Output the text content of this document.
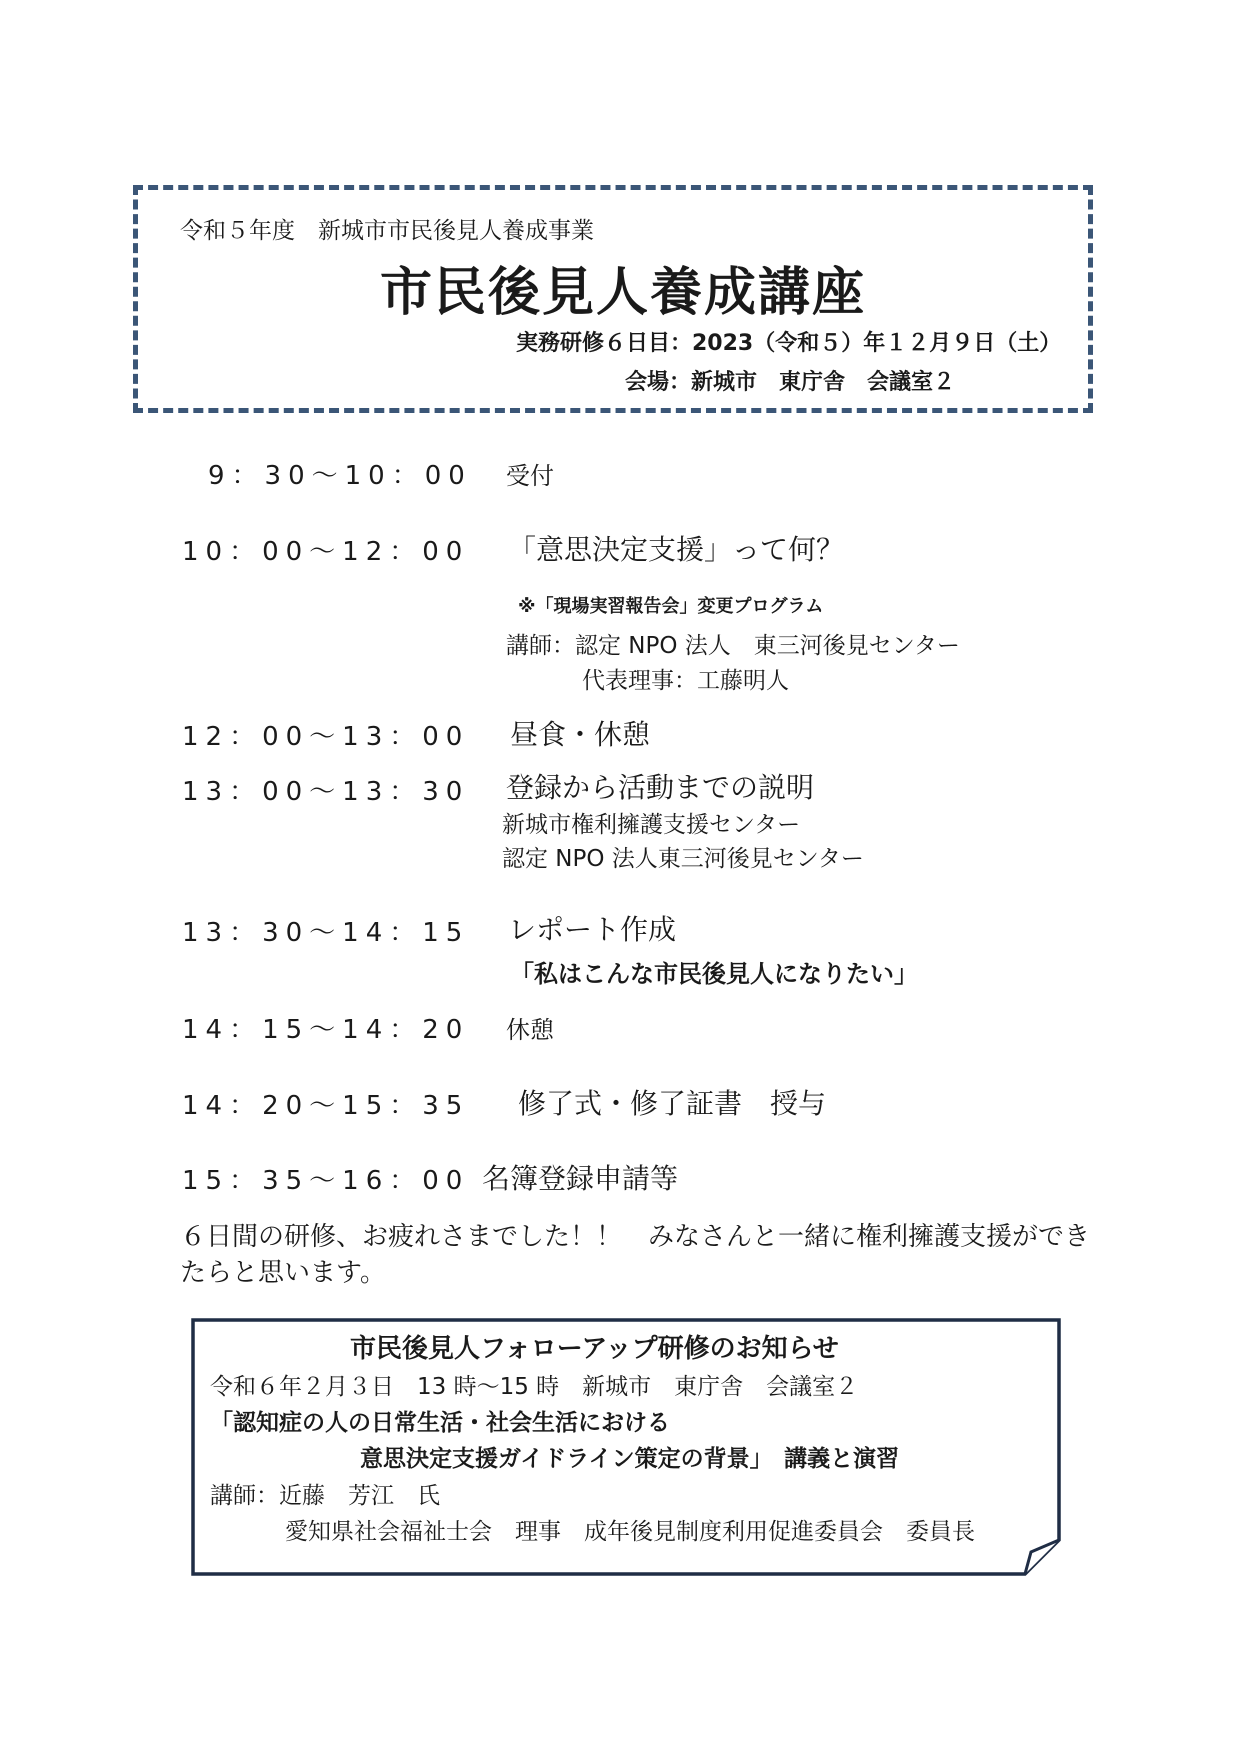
令和５年度　新城市市民後見人養成事業
市民後見人養成講座
実務研修６日目：2023（令和５）年１２月９日（土）
会場：新城市　東庁舎　会議室２
9：30～10：00 受付
10：00～12：00 「意思決定支援」って何？
※「現場実習報告会」変更プログラム
講師：認定 NPO 法人　東三河後見センター
代表理事：工藤明人
12：00～13：00 昼食・休憩
13：00～13：30 登録から活動までの説明
新城市権利擁護支援センター
認定 NPO 法人東三河後見センター
13：30～14：15 レポート作成
「私はこんな市民後見人になりたい」
14：15～14：20 休憩
14：20～15：35 修了式・修了証書　授与
15：35～16：00 名簿登録申請等
６日間の研修、お疲れさまでした！！　みなさんと一緒に権利擁護支援ができ
たらと思います。
市民後見人フォローアップ研修のお知らせ
令和６年２月３日　13 時～15 時　新城市　東庁舎　会議室２
「認知症の人の日常生活・社会生活における
意思決定支援ガイドライン策定の背景」　講義と演習
講師：近藤　芳江　氏
愛知県社会福祉士会　理事　成年後見制度利用促進委員会　委員長
